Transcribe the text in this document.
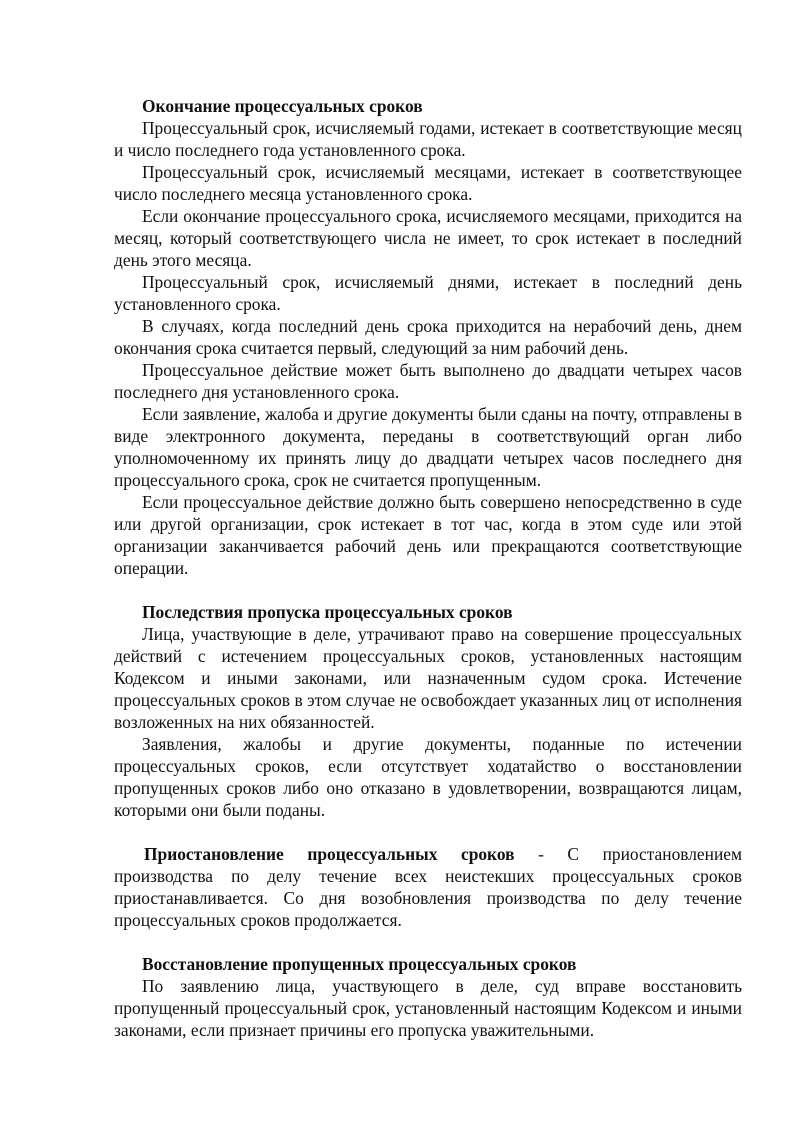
Окончание процессуальных сроков

Процессуальный срок, исчисляемый годами, истекает в соответствующие месяц и число последнего года установленного срока.

Процессуальный срок, исчисляемый месяцами, истекает в соответствующее число последнего месяца установленного срока.

Если окончание процессуального срока, исчисляемого месяцами, приходится на месяц, который соответствующего числа не имеет, то срок истекает в последний день этого месяца.

Процессуальный срок, исчисляемый днями, истекает в последний день установленного срока.

В случаях, когда последний день срока приходится на нерабочий день, днем окончания срока считается первый, следующий за ним рабочий день.

Процессуальное действие может быть выполнено до двадцати четырех часов последнего дня установленного срока.

Если заявление, жалоба и другие документы были сданы на почту, отправлены в виде электронного документа, переданы в соответствующий орган либо уполномоченному их принять лицу до двадцати четырех часов последнего дня процессуального срока, срок не считается пропущенным.

Если процессуальное действие должно быть совершено непосредственно в суде или другой организации, срок истекает в тот час, когда в этом суде или этой организации заканчивается рабочий день или прекращаются соответствующие операции.

Последствия пропуска процессуальных сроков

Лица, участвующие в деле, утрачивают право на совершение процессуальных действий с истечением процессуальных сроков, установленных настоящим Кодексом и иными законами, или назначенным судом срока. Истечение процессуальных сроков в этом случае не освобождает указанных лиц от исполнения возложенных на них обязанностей.

Заявления, жалобы и другие документы, поданные по истечении процессуальных сроков, если отсутствует ходатайство о восстановлении пропущенных сроков либо оно отказано в удовлетворении, возвращаются лицам, которыми они были поданы.

Приостановление процессуальных сроков - С приостановлением производства по делу течение всех неистекших процессуальных сроков приостанавливается. Со дня возобновления производства по делу течение процессуальных сроков продолжается.

Восстановление пропущенных процессуальных сроков

По заявлению лица, участвующего в деле, суд вправе восстановить пропущенный процессуальный срок, установленный настоящим Кодексом и иными законами, если признает причины его пропуска уважительными.
